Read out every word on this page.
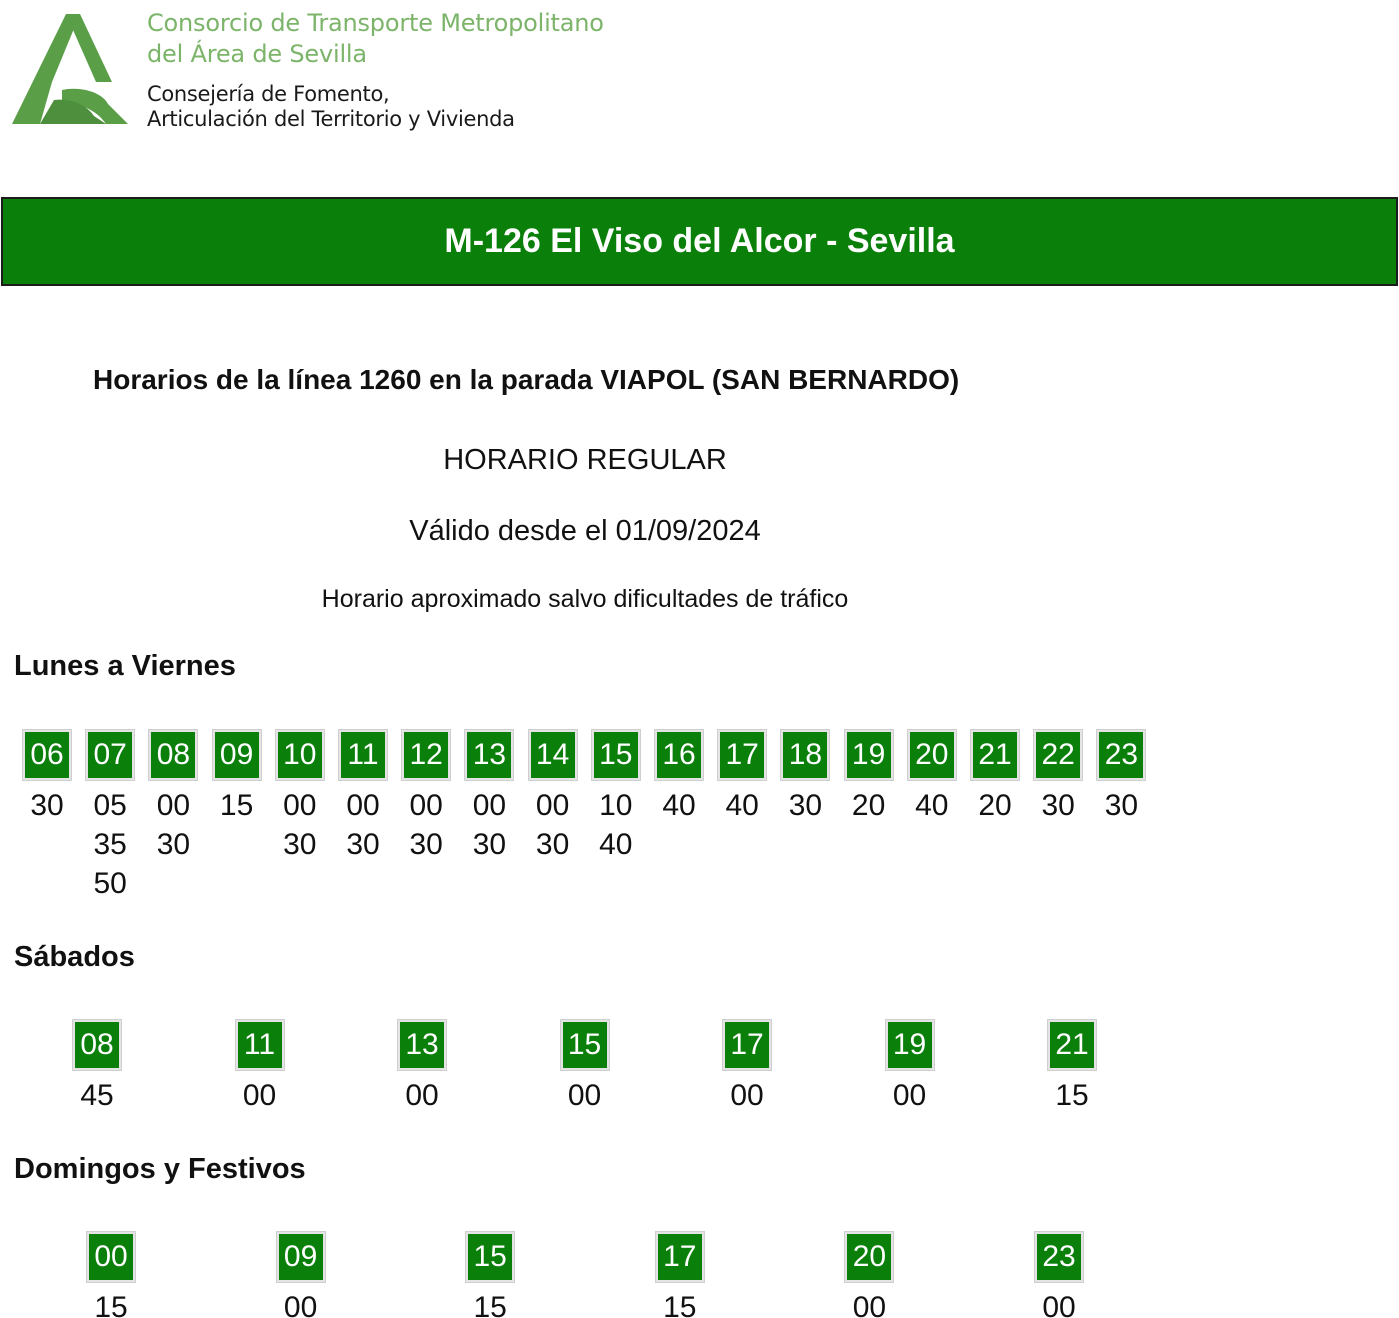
Consorcio de Transporte Metropolitano
del Área de Sevilla
Consejería de Fomento,
Articulación del Territorio y Vivienda
M-126 El Viso del Alcor - Sevilla
Horarios de la línea 1260 en la parada VIAPOL (SAN BERNARDO)
HORARIO REGULAR
Válido desde el 01/09/2024
Horario aproximado salvo dificultades de tráfico
Lunes a Viernes
06
30
07
05
35
50
08
00
30
09
15
10
00
30
11
00
30
12
00
30
13
00
30
14
00
30
15
10
40
16
40
17
40
18
30
19
20
20
40
21
20
22
30
23
30
Sábados
08
45
11
00
13
00
15
00
17
00
19
00
21
15
Domingos y Festivos
00
15
09
00
15
15
17
15
20
00
23
00
